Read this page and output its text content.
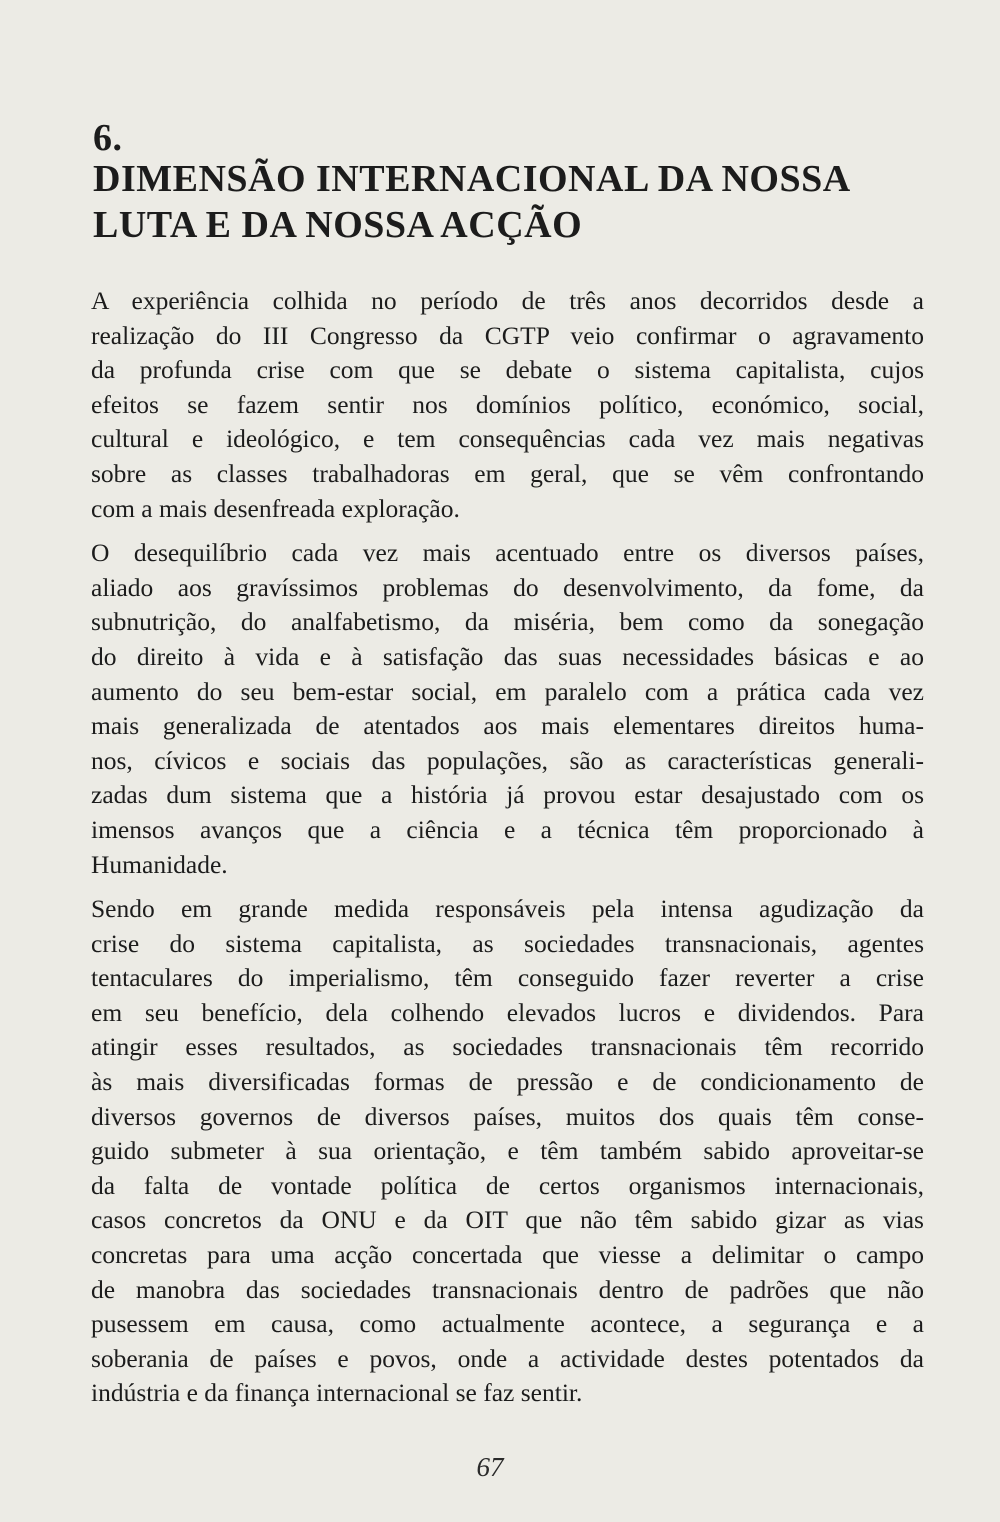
6.
DIMENSÃO INTERNACIONAL DA NOSSA
LUTA E DA NOSSA ACÇÃO

A experiência colhida no período de três anos decorridos desde a
realização do III Congresso da CGTP veio confirmar o agravamento
da profunda crise com que se debate o sistema capitalista, cujos
efeitos se fazem sentir nos domínios político, económico, social,
cultural e ideológico, e tem consequências cada vez mais negativas
sobre as classes trabalhadoras em geral, que se vêm confrontando
com a mais desenfreada exploração.

O desequilíbrio cada vez mais acentuado entre os diversos países,
aliado aos gravíssimos problemas do desenvolvimento, da fome, da
subnutrição, do analfabetismo, da miséria, bem como da sonegação
do direito à vida e à satisfação das suas necessidades básicas e ao
aumento do seu bem-estar social, em paralelo com a prática cada vez
mais generalizada de atentados aos mais elementares direitos huma-
nos, cívicos e sociais das populações, são as características generali-
zadas dum sistema que a história já provou estar desajustado com os
imensos avanços que a ciência e a técnica têm proporcionado à
Humanidade.

Sendo em grande medida responsáveis pela intensa agudização da
crise do sistema capitalista, as sociedades transnacionais, agentes
tentaculares do imperialismo, têm conseguido fazer reverter a crise
em seu benefício, dela colhendo elevados lucros e dividendos. Para
atingir esses resultados, as sociedades transnacionais têm recorrido
às mais diversificadas formas de pressão e de condicionamento de
diversos governos de diversos países, muitos dos quais têm conse-
guido submeter à sua orientação, e têm também sabido aproveitar-se
da falta de vontade política de certos organismos internacionais,
casos concretos da ONU e da OIT que não têm sabido gizar as vias
concretas para uma acção concertada que viesse a delimitar o campo
de manobra das sociedades transnacionais dentro de padrões que não
pusessem em causa, como actualmente acontece, a segurança e a
soberania de países e povos, onde a actividade destes potentados da
indústria e da finança internacional se faz sentir.

67
